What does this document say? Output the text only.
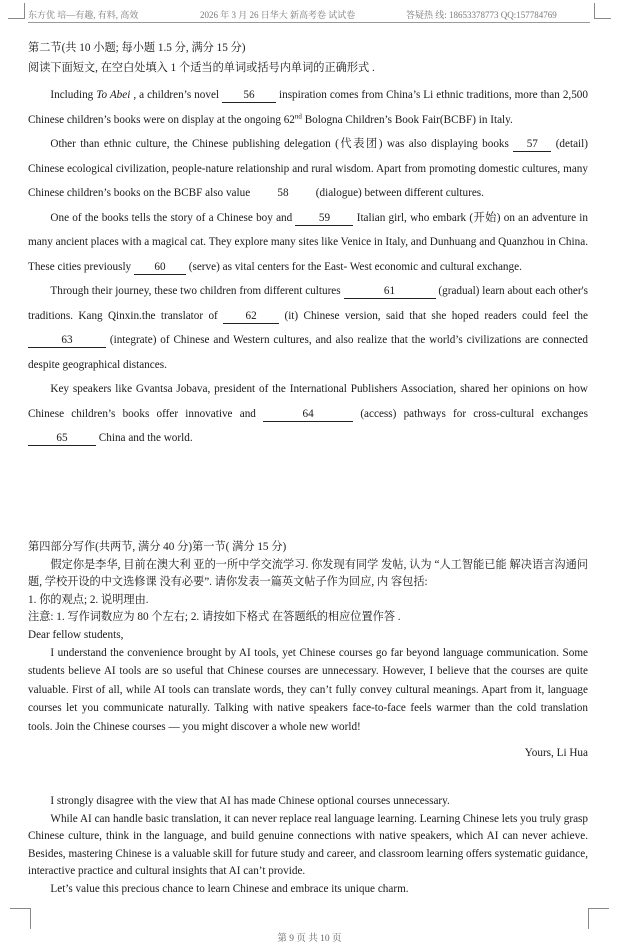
东方优 培—有趣, 有料, 高效	2026 年 3 月 26 日华大 新高考卷 试试卷	答疑热 线: 18653378773 QQ:157784769

第二节(共 10 小题; 每小题 1.5 分, 满分 15 分)

阅读下面短文, 在空白处填入 1 个适当的单词或括号内单词的正确形式 .

Including To Abei , a children’s novel 56 inspiration comes from China’s Li ethnic traditions, more than 2,500 Chinese children’s books were on display at the ongoing 62nd Bologna Children’s Book Fair(BCBF) in Italy.

Other than ethnic culture, the Chinese publishing delegation (代表团) was also displaying books 57 (detail) Chinese ecological civilization, people-nature relationship and rural wisdom. Apart from promoting domestic cultures, many Chinese children’s books on the BCBF also value 58 (dialogue) between different cultures.

One of the books tells the story of a Chinese boy and 59 Italian girl, who embark (开始) on an adventure in many ancient places with a magical cat. They explore many sites like Venice in Italy, and Dunhuang and Quanzhou in China. These cities previously 60 (serve) as vital centers for the East- West economic and cultural exchange.

Through their journey, these two children from different cultures	61	(gradual) learn about each other's traditions. Kang Qinxin.the translator of 62 (it) Chinese version, said that she hoped readers could feel the 63	(integrate) of Chinese and Western cultures, and also realize that the world’s civilizations are connected despite geographical distances.

Key speakers like Gvantsa Jobava, president of the International Publishers Association, shared her opinions on how Chinese children’s books offer innovative and	64	(access) pathways for cross-cultural exchanges 65	China and the world.

第四部分写作(共两节, 满分 40 分)第一节( 满分 15 分)

假定你是李华, 目前在澳大利 亚的一所中学交流学习. 你发现有同学 发帖, 认为 “人工智能已能 解决语言沟通问题, 学校开设的中文选修课 没有必要”. 请你发表一篇英文帖子作为回应, 内 容包括:

1. 你的观点; 2. 说明理由.

注意: 1. 写作词数应为 80 个左右; 2. 请按如下格式 在答题纸的相应位置作答 .

Dear fellow students,

I understand the convenience brought by AI tools, yet Chinese courses go far beyond language communication. Some students believe AI tools are so useful that Chinese courses are unnecessary. However, I believe that the courses are quite valuable. First of all, while AI tools can translate words, they can’t fully convey cultural meanings. Apart from it, language courses let you communicate naturally. Talking with native speakers face-to-face feels warmer than the cold translation tools. Join the Chinese courses — you might discover a whole new world!

Yours, Li Hua

I strongly disagree with the view that AI has made Chinese optional courses unnecessary.

While AI can handle basic translation, it can never replace real language learning. Learning Chinese lets you truly grasp Chinese culture, think in the language, and build genuine connections with native speakers, which AI can never achieve. Besides, mastering Chinese is a valuable skill for future study and career, and classroom learning offers systematic guidance, interactive practice and cultural insights that AI can’t provide.

Let’s value this precious chance to learn Chinese and embrace its unique charm.

第 9 页 共 10 页
